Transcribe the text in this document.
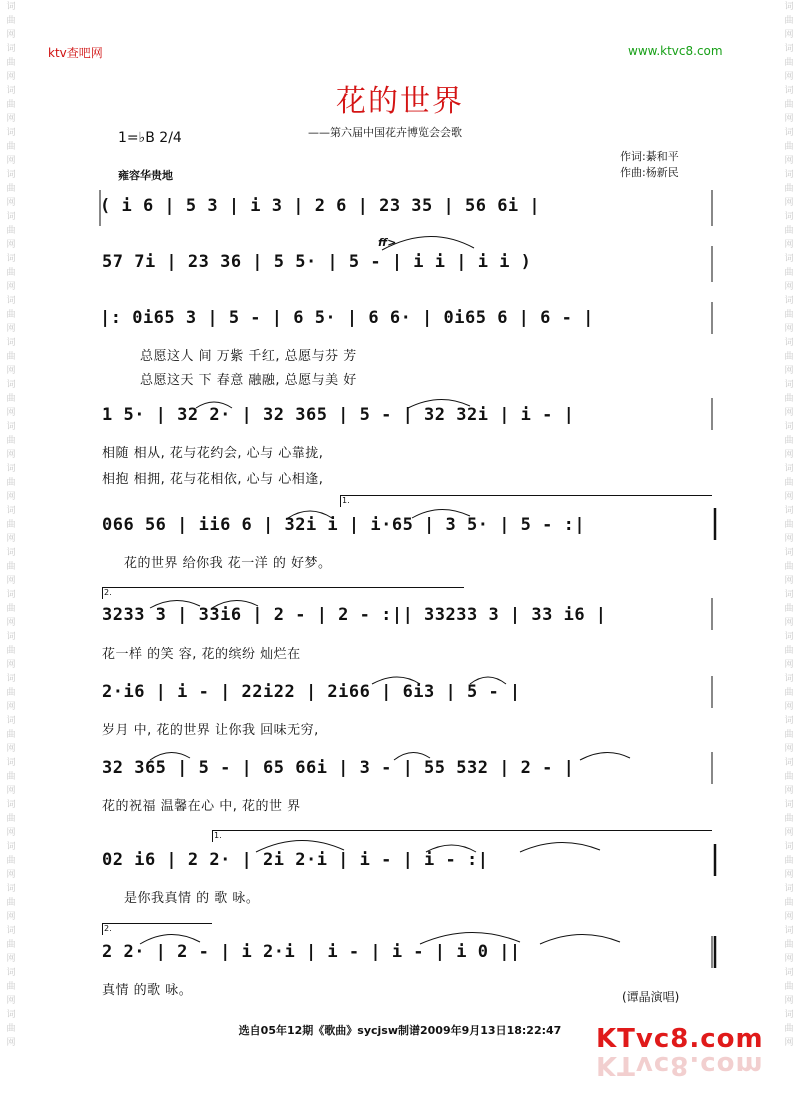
词曲网词曲网词曲网词曲网词曲网词曲网词曲网词曲网词曲网词曲网词曲网词曲网词曲网词曲网词曲网词曲网词曲网词曲网词曲网词曲网词曲网词曲网词曲网词曲网词曲网
词曲网词曲网词曲网词曲网词曲网词曲网词曲网词曲网词曲网词曲网词曲网词曲网词曲网词曲网词曲网词曲网词曲网词曲网词曲网词曲网词曲网词曲网词曲网词曲网词曲网
ktv查吧网	www.ktvc8.com
花的世界
——第六届中国花卉博览会会歌
1=♭B 2/4
雍容华贵地
作词:綦和平
作曲:杨新民
( i 6 | 5 3 | i 3 | 2 6 | 23 35 | 56 6i |
ff>
57 7i | 23 36 | 5 5· | 5 - | i i | i i )
|: 0i65 3 | 5 - | 6 5· | 6 6· | 0i65 6 | 6 - |
总愿这人 间 万紫 千红, 总愿与芬 芳
总愿这天 下 春意 融融, 总愿与美 好
1 5· | 32 2· | 32 365 | 5 - | 32 32i | i - |
相随 相从, 花与花约会, 心与 心靠拢,
相抱 相拥, 花与花相依, 心与 心相逢,
1.
066 56 | ii6 6 | 32i i | i·65 | 3 5· | 5 - :|
花的世界 给你我 花一洋 的 好梦。
2.
3233 3 | 33i6 | 2 - | 2 - :|| 33233 3 | 33 i6 |
花一样 的笑 容, 花的缤纷 灿烂在
2·i6 | i - | 22i22 | 2i66 | 6i3 | 5 - |
岁月 中, 花的世界 让你我 回味无穷,
32 365 | 5 - | 65 66i | 3 - | 55 532 | 2 - |
花的祝福 温馨在心 中, 花的世 界
1.
02 i6 | 2 2· | 2i 2·i | i - | i - :|
是你我真情 的 歌 咏。
2.
2 2· | 2 - | i 2·i | i - | i - | i 0 ||
真情 的歌 咏。	(谭晶演唱)
选自05年12期《歌曲》sycjsw制谱2009年9月13日18:22:47	KTvc8.com
KTvc8.com
